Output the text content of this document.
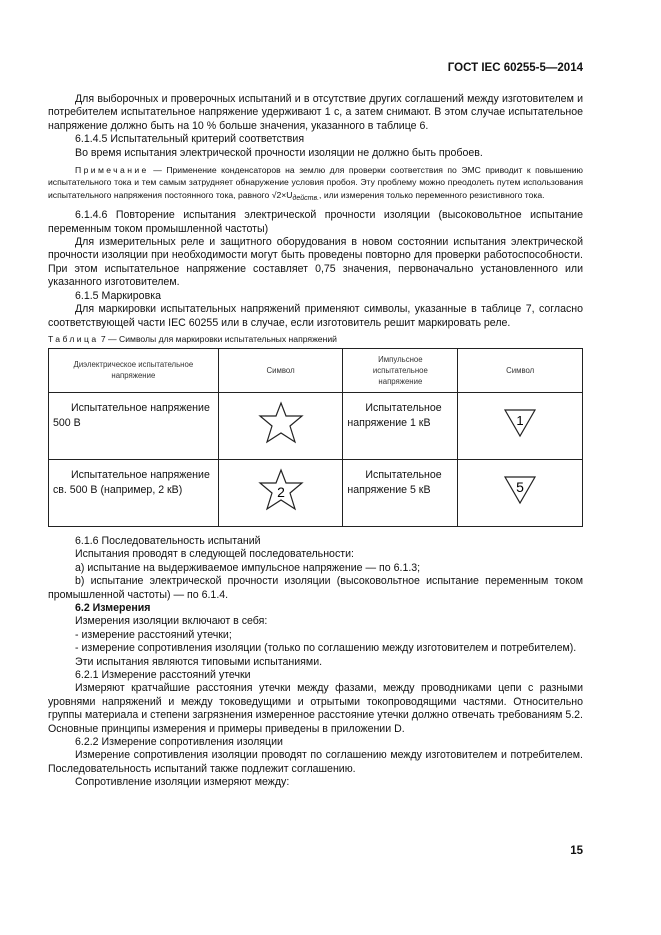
ГОСТ IEC 60255-5—2014

Для выборочных и проверочных испытаний и в отсутствие других соглашений между изготовителем и потребителем испытательное напряжение удерживают 1 с, а затем снимают. В этом случае испытательное напряжение должно быть на 10 % больше значения, указанного в таблице 6.

6.1.4.5 Испытательный критерий соответствия

Во время испытания электрической прочности изоляции не должно быть пробоев.

Примечание — Применение конденсаторов на землю для проверки соответствия по ЭМС приводит к повышению испытательного тока и тем самым затрудняет обнаружение условия пробоя. Эту проблему можно преодолеть путем использования испытательного напряжения постоянного тока, равного $√2\times U_{действ.}$, или измерения только переменного резистивного тока.

6.1.4.6 Повторение испытания электрической прочности изоляции (высоковольтное испытание переменным током промышленной частоты)

Для измерительных реле и защитного оборудования в новом состоянии испытания электрической прочности изоляции при необходимости могут быть проведены повторно для проверки работоспособности. При этом испытательное напряжение составляет 0,75 значения, первоначально установленного или указанного изготовителем.

6.1.5 Маркировка

Для маркировки испытательных напряжений применяют символы, указанные в таблице 7, согласно соответствующей части IEC 60255 или в случае, если изготовитель решит маркировать реле.

Таблица 7 — Символы для маркировки испытательных напряжений
Диэлектрическое испытательное напряжение	Символ	Импульсное испытательное напряжение	Символ

Испытательное напряжение 500 В		Испытательное напряжение 1 кВ	1

Испытательное напряжение св. 500 В (например, 2 кВ)	2	Испытательное напряжение 5 кВ	5

6.1.6 Последовательность испытаний

Испытания проводят в следующей последовательности:

а) испытание на выдерживаемое импульсное напряжение — по 6.1.3;

b) испытание электрической прочности изоляции (высоковольтное испытание переменным током промышленной частоты) — по 6.1.4.

6.2 Измерения

Измерения изоляции включают в себя:

- измерение расстояний утечки;

- измерение сопротивления изоляции (только по соглашению между изготовителем и потребителем).

Эти испытания являются типовыми испытаниями.

6.2.1 Измерение расстояний утечки

Измеряют кратчайшие расстояния утечки между фазами, между проводниками цепи с разными уровнями напряжений и между токоведущими и отрытыми токопроводящими частями. Относительно группы материала и степени загрязнения измеренное расстояние утечки должно отвечать требованиям 5.2. Основные принципы измерения и примеры приведены в приложении D.

6.2.2 Измерение сопротивления изоляции

Измерение сопротивления изоляции проводят по соглашению между изготовителем и потребителем. Последовательность испытаний также подлежит соглашению.

Сопротивление изоляции измеряют между:

15
